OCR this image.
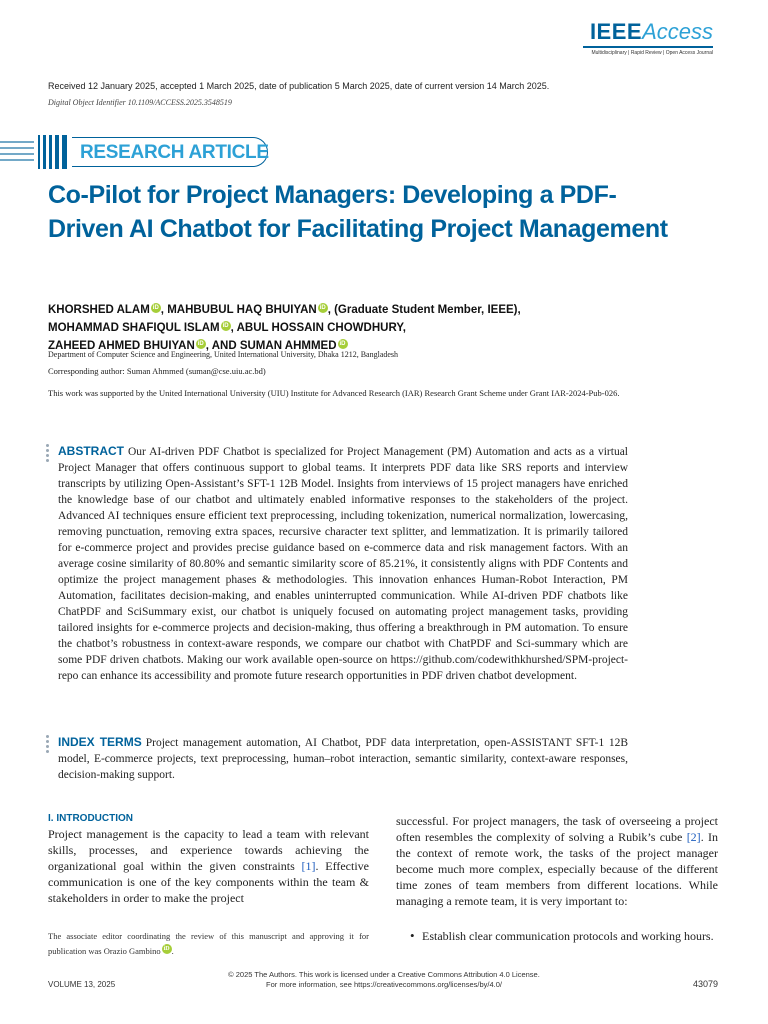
IEEEAccess
Multidisciplinary | Rapid Review | Open Access Journal
Received 12 January 2025, accepted 1 March 2025, date of publication 5 March 2025, date of current version 14 March 2025.
Digital Object Identifier 10.1109/ACCESS.2025.3548519
RESEARCH ARTICLE
Co-Pilot for Project Managers: Developing a PDF-Driven AI Chatbot for Facilitating Project Management
KHORSHED ALAM iD , MAHBUBUL HAQ BHUIYAN iD , (Graduate Student Member, IEEE),
MOHAMMAD SHAFIQUL ISLAM iD , ABUL HOSSAIN CHOWDHURY,
ZAHEED AHMED BHUIYAN iD , AND SUMAN AHMMED iD
Department of Computer Science and Engineering, United International University, Dhaka 1212, Bangladesh
Corresponding author: Suman Ahmmed (suman@cse.uiu.ac.bd)
This work was supported by the United International University (UIU) Institute for Advanced Research (IAR) Research Grant Scheme under Grant IAR-2024-Pub-026.

ABSTRACT Our AI-driven PDF Chatbot is specialized for Project Management (PM) Automation and acts as a virtual Project Manager that offers continuous support to global teams. It interprets PDF data like SRS reports and interview transcripts by utilizing Open-Assistant’s SFT-1 12B Model. Insights from interviews of 15 project managers have enriched the knowledge base of our chatbot and ultimately enabled informative responses to the stakeholders of the project. Advanced AI techniques ensure efficient text preprocessing, including tokenization, numerical normalization, lowercasing, removing punctuation, removing extra spaces, recursive character text splitter, and lemmatization. It is primarily tailored for e-commerce project and provides precise guidance based on e-commerce data and risk management factors. With an average cosine similarity of 80.80% and semantic similarity score of 85.21%, it consistently aligns with PDF Contents and optimize the project management phases & methodologies. This innovation enhances Human-Robot Interaction, PM Automation, facilitates decision-making, and enables uninterrupted communication. While AI-driven PDF chatbots like ChatPDF and SciSummary exist, our chatbot is uniquely focused on automating project management tasks, providing tailored insights for e-commerce projects and decision-making, thus offering a breakthrough in PM automation. To ensure the chatbot’s robustness in context-aware responds, we compare our chatbot with ChatPDF and Sci-summary which are some PDF driven chatbots. Making our work available open-source on https://github.com/codewithkhurshed/SPM-project-repo can enhance its accessibility and promote future research opportunities in PDF driven chatbot development.

INDEX TERMS Project management automation, AI Chatbot, PDF data interpretation, open-ASSISTANT SFT-1 12B model, E-commerce projects, text preprocessing, human–robot interaction, semantic similarity, context-aware responses, decision-making support.

I. INTRODUCTION

Project management is the capacity to lead a team with relevant skills, processes, and experience towards achieving the organizational goal within the given constraints [1]. Effective communication is one of the key components within the team & stakeholders in order to make the project

successful. For project managers, the task of overseeing a project often resembles the complexity of solving a Rubik’s cube [2]. In the context of remote work, the tasks of the project manager become much more complex, especially because of the different time zones of team members from different locations. While managing a remote team, it is very important to:

• Establish clear communication protocols and working hours.
The associate editor coordinating the review of this manuscript and approving it for publication was Orazio Gambino iD .
© 2025 The Authors. This work is licensed under a Creative Commons Attribution 4.0 License.
For more information, see https://creativecommons.org/licenses/by/4.0/
VOLUME 13, 2025	43079
